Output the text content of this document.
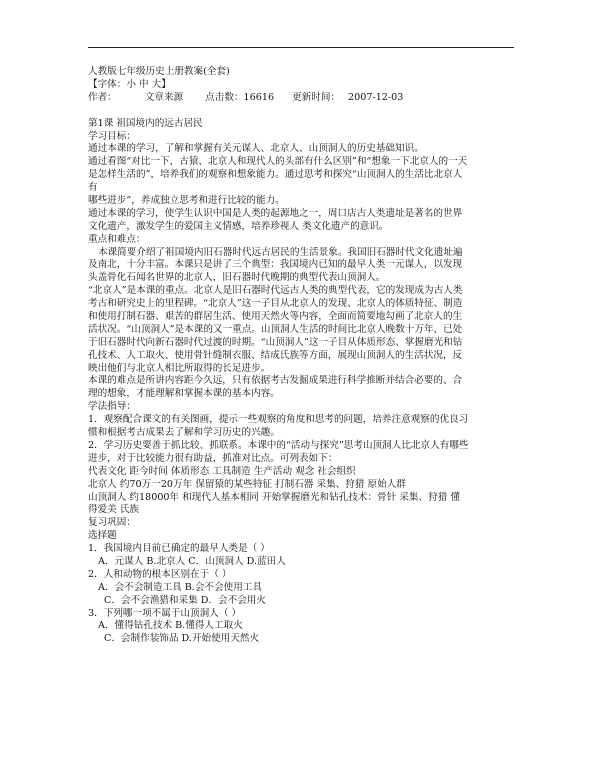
人教版七年级历史上册教案(全套)
【字体：小 中 大】
作者：	文章来源 点击数：16616 更新时间： 2007-12-03
第1课 祖国境内的远古居民
学习目标：
通过本课的学习，了解和掌握有关元谋人、北京人、山顶洞人的历史基础知识。
通过看图“对比一下，古猿、北京人和现代人的头部有什么区别”和“想象一下北京人的一天
是怎样生活的”，培养我们的观察和想象能力。通过思考和探究“山顶洞人的生活比北京人
有
哪些进步”，养成独立思考和进行比较的能力。
通过本课的学习，使学生认识中国是人类的起源地之一，周口店古人类遗址是著名的世界
文化遗产，激发学生的爱国主义情感，培养珍视人 类文化遗产的意识。
重点和难点：
本课简要介绍了祖国境内旧石器时代远古居民的生活景象。我国旧石器时代文化遗址遍
及南北，十分丰富。本课只是讲了三个典型：我国境内已知的最早人类一元谋人，以发现
头盖骨化石闻名世界的北京人，旧石器时代晚期的典型代表山顶洞人。
“北京人”是本课的重点。北京人是旧石器时代远古人类的典型代表，它的发现成为古人类
考古和研究史上的里程碑。“北京人”这一子目从北京人的发现、北京人的体质特征、制造
和使用打制石器、艰苦的群居生活、使用天然火等内容，全面而简要地勾画了北京人的生
活状况。“山顶洞人”是本课的又一重点。山顶洞人生活的时间比北京人晚数十万年，已处
于旧石器时代向新石器时代过渡的时期。“山顶洞人”这一子目从体质形态、掌握磨光和钻
孔技术、人工取火、使用骨针缝制衣服、结成氏族等方面，展现山顶洞人的生活状况，反
映出他们与北京人相比所取得的长足进步。
本课的难点是所讲内容距今久远，只有依据考古发掘成果进行科学推断并结合必要的、合
理的想象，才能理解和掌握本课的基本内容。
学法指导：
1．观察配合课文的有关图画，提示一些观察的角度和思考的问题，培养注意观察的优良习
惯和根据考古成果去了解和学习历史的兴趣。
2．学习历史要善于抓比较、抓联系。本课中的“活动与探究”思考山顶洞人比北京人有哪些
进步，对于比较能力很有助益，抓准对比点。可列表如下：
代表文化 距今时间 体质形态 工具制造 生产活动 观念 社会组织
北京人 约70万一20万年 保留猿的某些特征 打制石器 采集、狩猎 原始人群
山顶洞人 约18000年 和现代人基本相同 开始掌握磨光和钻孔技术：骨针 采集、狩猎 懂
得爱美 氏族
复习巩固：
选择题
1．我国境内目前已确定的最早人类是（ ）
A．元谋人 B.北京人 C．山顶洞人 D.蓝田人
2．人和动物的根本区别在于（ ）
A．会不会制造工具 B.会不会使用工具
C．会不会渔猎和采集 D．会不会用火
3．下列哪一项不属于山顶洞人（ ）
A．懂得钻孔技术 B.懂得人工取火
C．会制作装饰品 D.开始使用天然火
